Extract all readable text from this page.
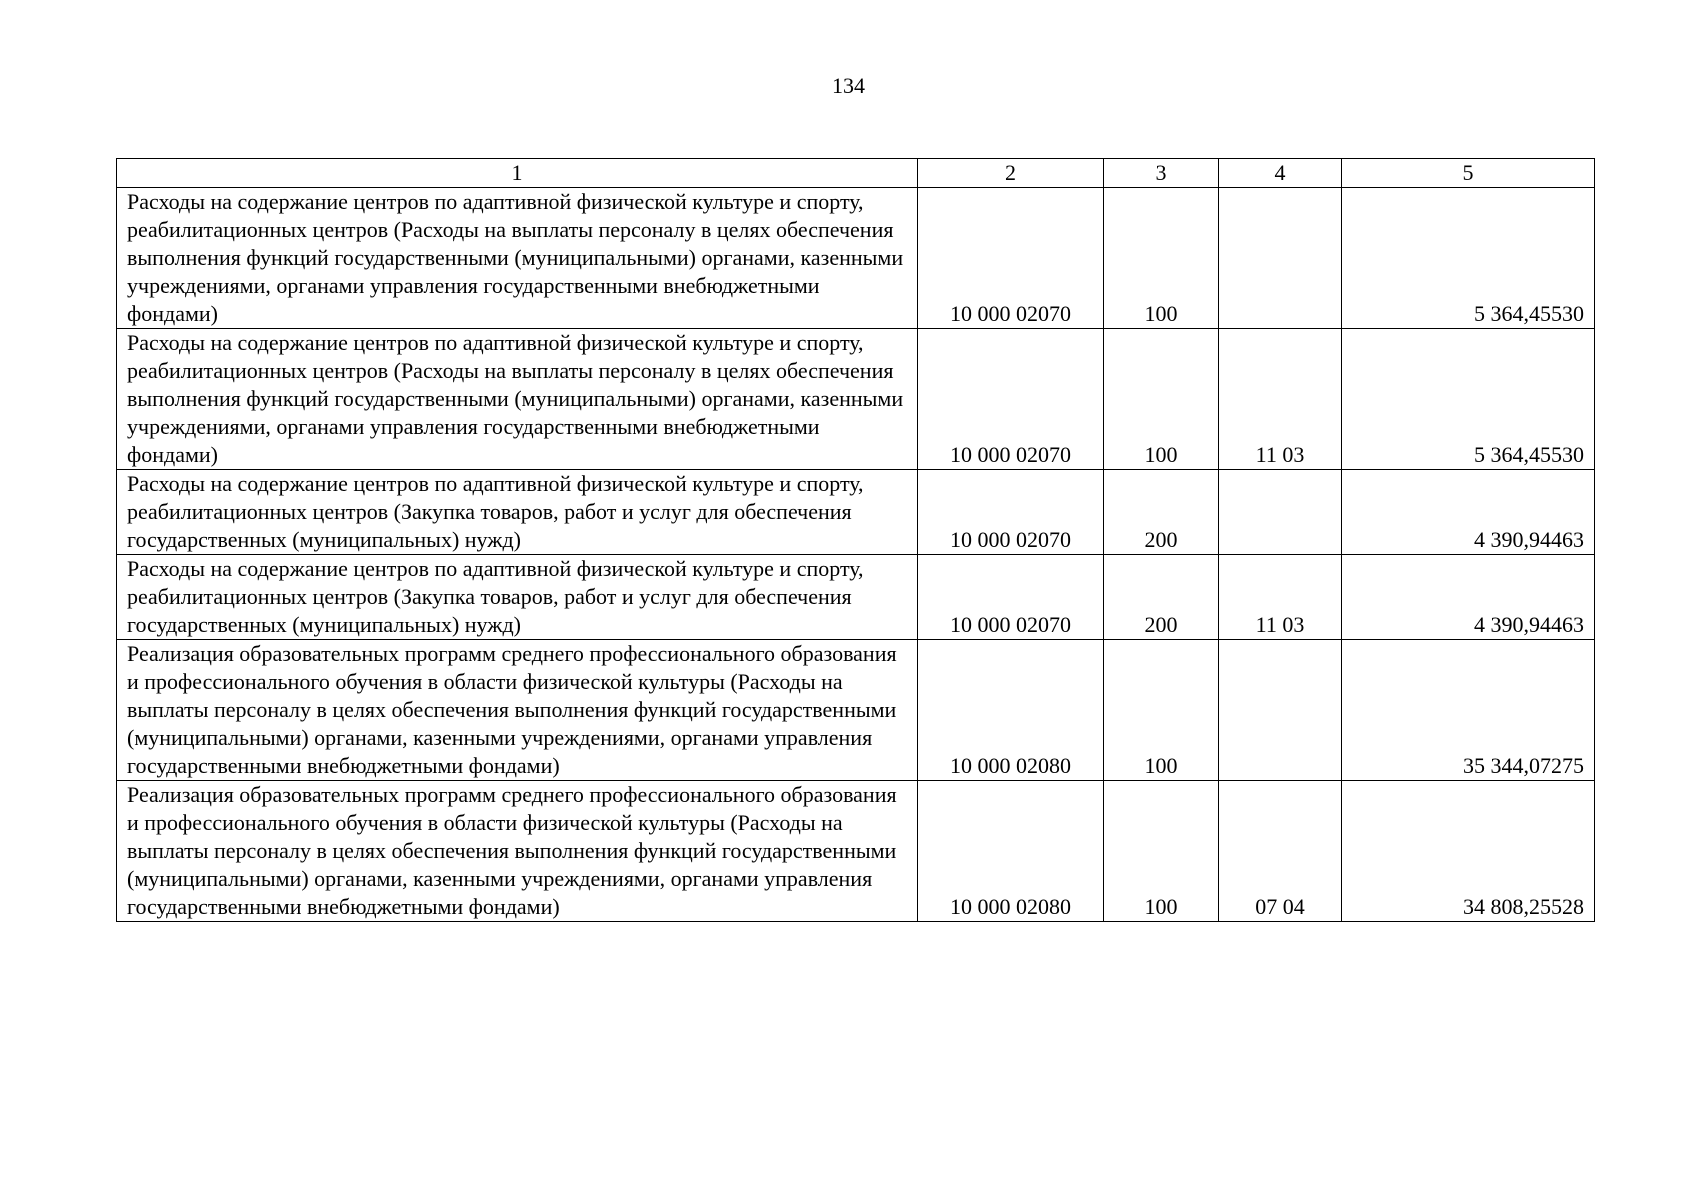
134
1	2	3	4	5
Расходы на содержание центров по адаптивной физической культуре и спорту, реабилитационных центров (Расходы на выплаты персоналу в целях обеспечения выполнения функций государственными (муниципальными) органами, казенными учреждениями, органами управления государственными внебюджетными фондами)	10 000 02070	100		5 364,45530
Расходы на содержание центров по адаптивной физической культуре и спорту, реабилитационных центров (Расходы на выплаты персоналу в целях обеспечения выполнения функций государственными (муниципальными) органами, казенными учреждениями, органами управления государственными внебюджетными фондами)	10 000 02070	100	11 03	5 364,45530
Расходы на содержание центров по адаптивной физической культуре и спорту, реабилитационных центров (Закупка товаров, работ и услуг для обеспечения государственных (муниципальных) нужд)	10 000 02070	200		4 390,94463
Расходы на содержание центров по адаптивной физической культуре и спорту, реабилитационных центров (Закупка товаров, работ и услуг для обеспечения государственных (муниципальных) нужд)	10 000 02070	200	11 03	4 390,94463
Реализация образовательных программ среднего профессионального образования и профессионального обучения в области физической культуры (Расходы на выплаты персоналу в целях обеспечения выполнения функций государственными (муниципальными) органами, казенными учреждениями, органами управления государственными внебюджетными фондами)	10 000 02080	100		35 344,07275
Реализация образовательных программ среднего профессионального образования и профессионального обучения в области физической культуры (Расходы на выплаты персоналу в целях обеспечения выполнения функций государственными (муниципальными) органами, казенными учреждениями, органами управления государственными внебюджетными фондами)	10 000 02080	100	07 04	34 808,25528
